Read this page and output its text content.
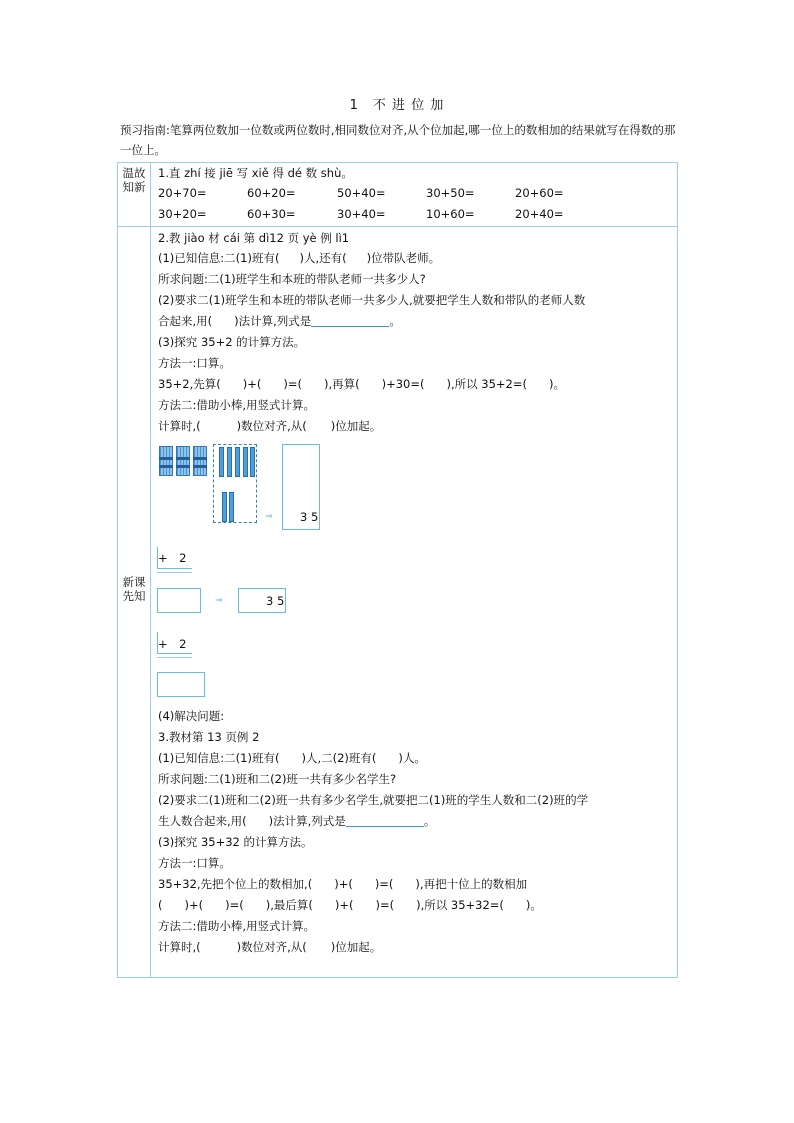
1　不 进 位 加
预习指南:笔算两位数加一位数或两位数时,相同数位对齐,从个位加起,哪一位上的数相加的结果就写在得数的那一位上。
温故知新
1.直 zhí 接 jiē 写 xiě 得 dé 数 shù。
20+70=	60+20=	50+40=	30+50=	20+60=
30+20=	60+30=	30+40=	10+60=	20+40=
新课先知
2.教 jiào 材 cái 第 dì12 页 yè 例 lì1
(1)已知信息:二(1)班有( )人,还有( )位带队老师。
所求问题:二(1)班学生和本班的带队老师一共多少人?
(2)要求二(1)班学生和本班的带队老师一共多少人,就要把学生人数和带队的老师人数
合起来,用( )法计算,列式是	。
(3)探究 35+2 的计算方法。
方法一:口算。
35+2,先算( )+( )=( ),再算( )+30=( ),所以 35+2=( )。
方法二:借助小棒,用竖式计算。
计算时,(	)数位对齐,从( )位加起。
⇒ 3 5
+　2
⇒	3 5
+　2
(4)解决问题:
3.教材第 13 页例 2
(1)已知信息:二(1)班有( )人,二(2)班有( )人。
所求问题:二(1)班和二(2)班一共有多少名学生?
(2)要求二(1)班和二(2)班一共有多少名学生,就要把二(1)班的学生人数和二(2)班的学
生人数合起来,用( )法计算,列式是	。
(3)探究 35+32 的计算方法。
方法一:口算。
35+32,先把个位上的数相加,( )+( )=( ),再把十位上的数相加
( )+( )=( ),最后算( )+( )=( ),所以 35+32=( )。
方法二:借助小棒,用竖式计算。
计算时,(	)数位对齐,从( )位加起。
